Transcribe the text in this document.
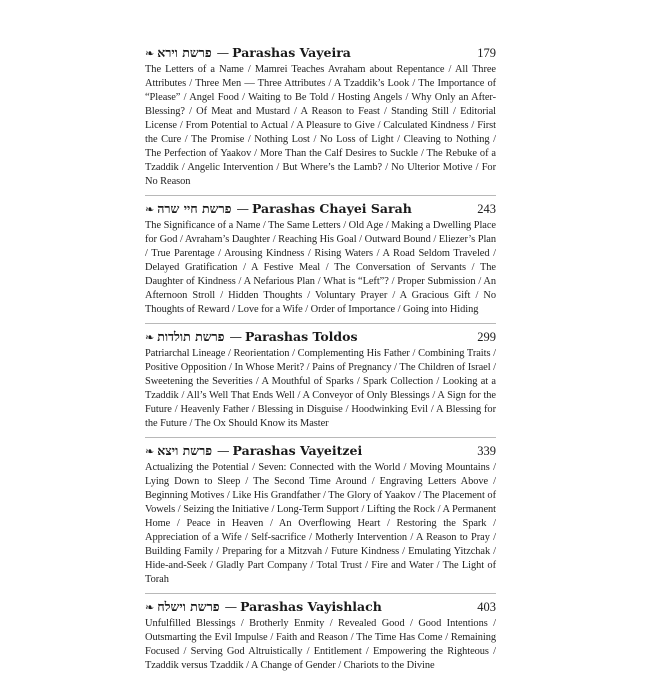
❧ פרשת וירא — Parashas Vayeira	179
The Letters of a Name / Mamrei Teaches Avraham about Repentance / All Three Attributes / Three Men — Three Attributes / A Tzaddik’s Look / The Importance of “Please” / Angel Food / Waiting to Be Told / Hosting Angels / Why Only an After-Blessing? / Of Meat and Mustard / A Reason to Feast / Standing Still / Editorial License / From Potential to Actual / A Pleasure to Give / Calculated Kindness / First the Cure / The Promise / Nothing Lost / No Loss of Light / Cleaving to Nothing / The Perfection of Yaakov / More Than the Calf Desires to Suckle / The Rebuke of a Tzaddik / Angelic Intervention / But Where’s the Lamb? / No Ulterior Motive / For No Reason
❧ פרשת חיי שרה — Parashas Chayei Sarah	243
The Significance of a Name / The Same Letters / Old Age / Making a Dwelling Place for God / Avraham’s Daughter / Reaching His Goal / Outward Bound / Eliezer’s Plan / True Parentage / Arousing Kindness / Rising Waters / A Road Seldom Traveled / Delayed Gratification / A Festive Meal / The Conversation of Servants / The Daughter of Kindness / A Nefarious Plan / What is “Left”? / Proper Submission / An Afternoon Stroll / Hidden Thoughts / Voluntary Prayer / A Gracious Gift / No Thoughts of Reward / Love for a Wife / Order of Importance / Going into Hiding
❧ פרשת תולדות — Parashas Toldos	299
Patriarchal Lineage / Reorientation / Complementing His Father / Combining Traits / Positive Opposition / In Whose Merit? / Pains of Pregnancy / The Children of Israel / Sweetening the Severities / A Mouthful of Sparks / Spark Collection / Looking at a Tzaddik / All’s Well That Ends Well / A Conveyor of Only Blessings / A Sign for the Future / Heavenly Father / Blessing in Disguise / Hoodwinking Evil / A Blessing for the Future / The Ox Should Know its Master
❧ פרשת ויצא — Parashas Vayeitzei	339
Actualizing the Potential / Seven: Connected with the World / Moving Mountains / Lying Down to Sleep / The Second Time Around / Engraving Letters Above / Beginning Motives / Like His Grandfather / The Glory of Yaakov / The Placement of Vowels / Seizing the Initiative / Long-Term Support / Lifting the Rock / A Permanent Home / Peace in Heaven / An Overflowing Heart / Restoring the Spark / Appreciation of a Wife / Self-sacrifice / Motherly Intervention / A Reason to Pray / Building Family / Preparing for a Mitzvah / Future Kindness / Emulating Yitzchak / Hide-and-Seek / Gladly Part Company / Total Trust / Fire and Water / The Light of Torah
❧ פרשת וישלח — Parashas Vayishlach	403
Unfulfilled Blessings / Brotherly Enmity / Revealed Good / Good Intentions / Outsmarting the Evil Impulse / Faith and Reason / The Time Has Come / Remaining Focused / Serving God Altruistically / Entitlement / Empowering the Righteous / Tzaddik versus Tzaddik / A Change of Gender / Chariots to the Divine
